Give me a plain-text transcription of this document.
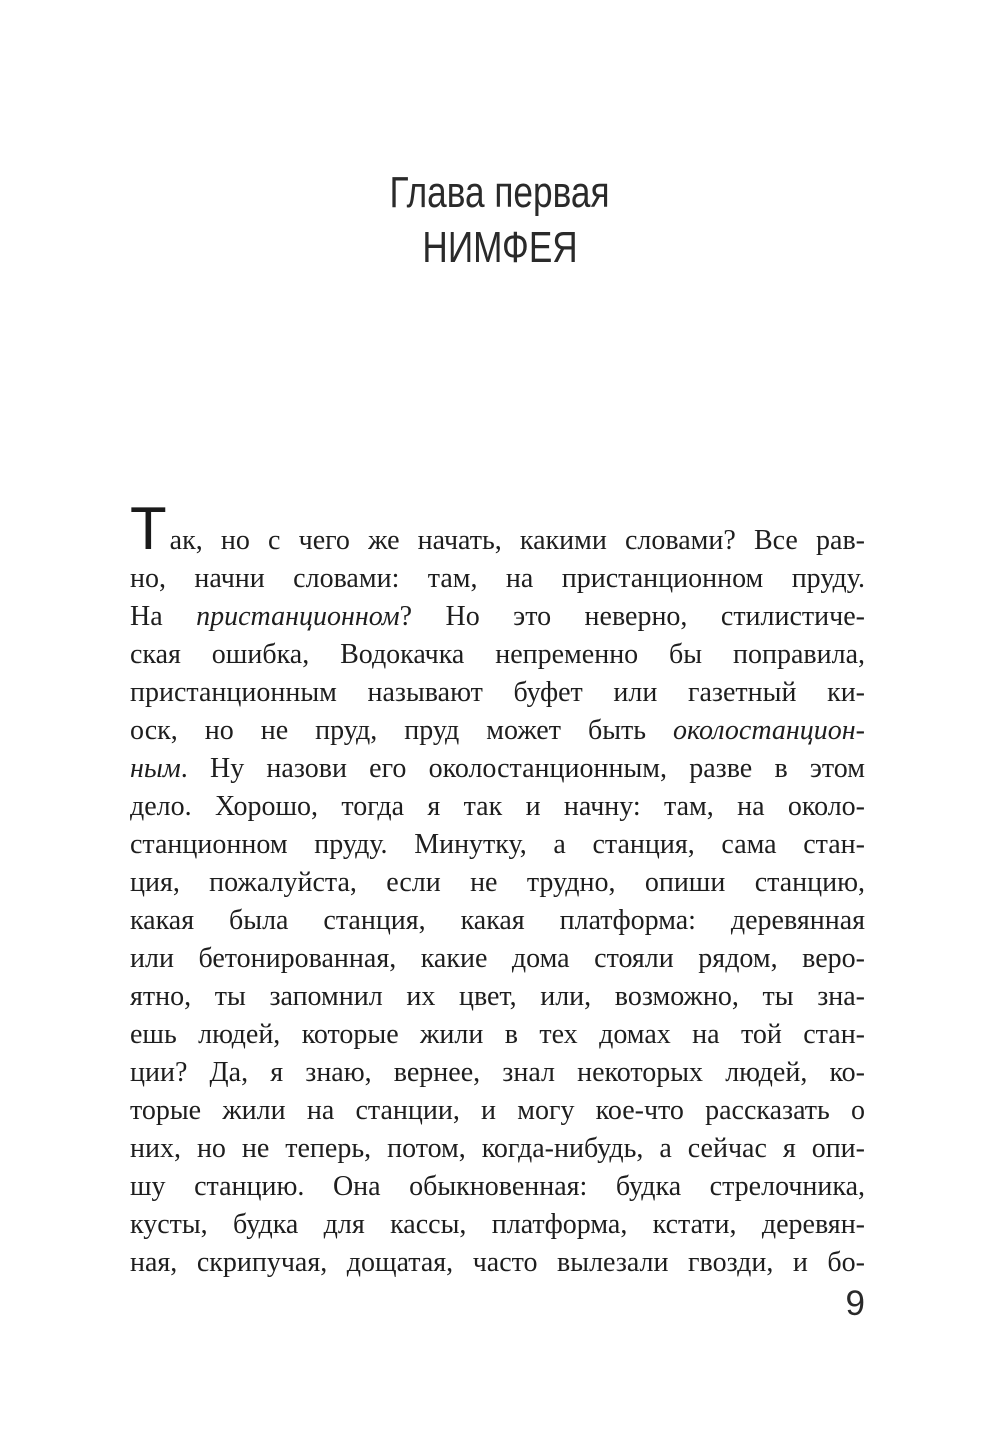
Глава первая
НИМФЕЯ
Так, но с чего же начать, какими словами? Все рав-
но, начни словами: там, на пристанционном пруду.
На пристанционном? Но это неверно, стилистиче-
ская ошибка, Водокачка непременно бы поправила,
пристанционным называют буфет или газетный ки-
оск, но не пруд, пруд может быть околостанцион-
ным. Ну назови его околостанционным, разве в этом
дело. Хорошо, тогда я так и начну: там, на около-
станционном пруду. Минутку, а станция, сама стан-
ция, пожалуйста, если не трудно, опиши станцию,
какая была станция, какая платформа: деревянная
или бетонированная, какие дома стояли рядом, веро-
ятно, ты запомнил их цвет, или, возможно, ты зна-
ешь людей, которые жили в тех домах на той стан-
ции? Да, я знаю, вернее, знал некоторых людей, ко-
торые жили на станции, и могу кое-что рассказать о
них, но не теперь, потом, когда-нибудь, а сейчас я опи-
шу станцию. Она обыкновенная: будка стрелочника,
кусты, будка для кассы, платформа, кстати, деревян-
ная, скрипучая, дощатая, часто вылезали гвозди, и бо-
9
